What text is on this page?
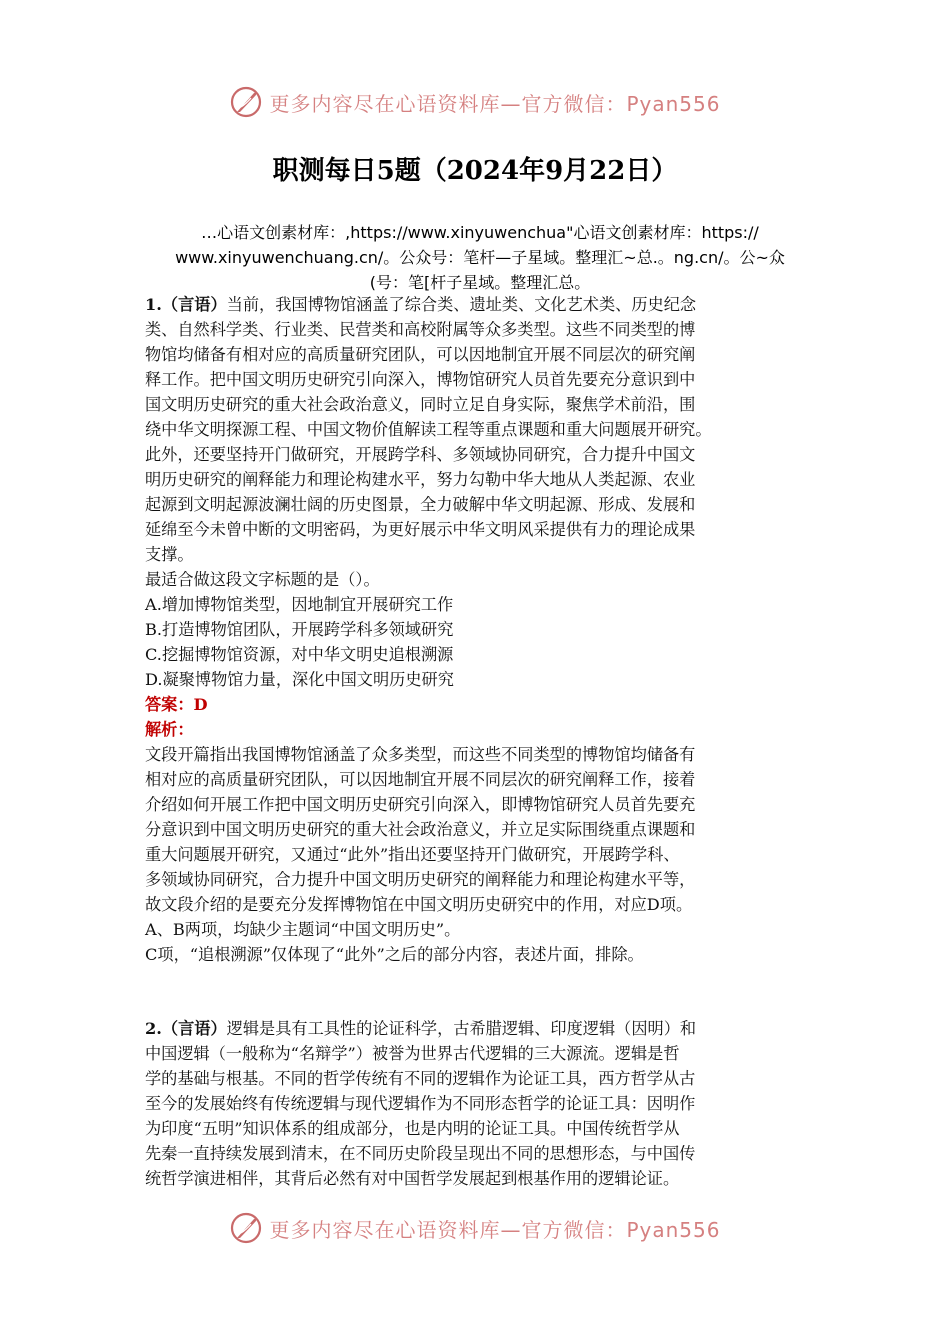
更多内容尽在心语资料库—官方微信：Pyan556
职测每日5题（2024年9月22日）
…心语文创素材库：,https://www.xinyuwenchua"心语文创素材库：https://
www.xinyuwenchuang.cn/。公众号：笔杆—子星域。整理汇~总.。ng.cn/。公~众
(号：笔[杆子星域。整理汇总。
1.（言语）当前，我国博物馆涵盖了综合类、遗址类、文化艺术类、历史纪念
类、自然科学类、行业类、民营类和高校附属等众多类型。这些不同类型的博
物馆均储备有相对应的高质量研究团队，可以因地制宜开展不同层次的研究阐
释工作。把中国文明历史研究引向深入，博物馆研究人员首先要充分意识到中
国文明历史研究的重大社会政治意义，同时立足自身实际，聚焦学术前沿，围
绕中华文明探源工程、中国文物价值解读工程等重点课题和重大问题展开研究。
此外，还要坚持开门做研究，开展跨学科、多领域协同研究，合力提升中国文
明历史研究的阐释能力和理论构建水平，努力勾勒中华大地从人类起源、农业
起源到文明起源波澜壮阔的历史图景，全力破解中华文明起源、形成、发展和
延绵至今未曾中断的文明密码，为更好展示中华文明风采提供有力的理论成果
支撑。
最适合做这段文字标题的是（）。
A.增加博物馆类型，因地制宜开展研究工作
B.打造博物馆团队，开展跨学科多领域研究
C.挖掘博物馆资源，对中华文明史追根溯源
D.凝聚博物馆力量，深化中国文明历史研究
答案：D
解析：
文段开篇指出我国博物馆涵盖了众多类型，而这些不同类型的博物馆均储备有
相对应的高质量研究团队，可以因地制宜开展不同层次的研究阐释工作，接着
介绍如何开展工作把中国文明历史研究引向深入，即博物馆研究人员首先要充
分意识到中国文明历史研究的重大社会政治意义，并立足实际围绕重点课题和
重大问题展开研究，又通过“此外”指出还要坚持开门做研究，开展跨学科、
多领域协同研究，合力提升中国文明历史研究的阐释能力和理论构建水平等，
故文段介绍的是要充分发挥博物馆在中国文明历史研究中的作用，对应D项。
A、B两项，均缺少主题词“中国文明历史”。
C项，“追根溯源”仅体现了“此外”之后的部分内容，表述片面，排除。
2.（言语）逻辑是具有工具性的论证科学，古希腊逻辑、印度逻辑（因明）和
中国逻辑（一般称为“名辩学”）被誉为世界古代逻辑的三大源流。逻辑是哲
学的基础与根基。不同的哲学传统有不同的逻辑作为论证工具，西方哲学从古
至今的发展始终有传统逻辑与现代逻辑作为不同形态哲学的论证工具：因明作
为印度“五明”知识体系的组成部分，也是内明的论证工具。中国传统哲学从
先秦一直持续发展到清末，在不同历史阶段呈现出不同的思想形态，与中国传
统哲学演进相伴，其背后必然有对中国哲学发展起到根基作用的逻辑论证。
更多内容尽在心语资料库—官方微信：Pyan556
